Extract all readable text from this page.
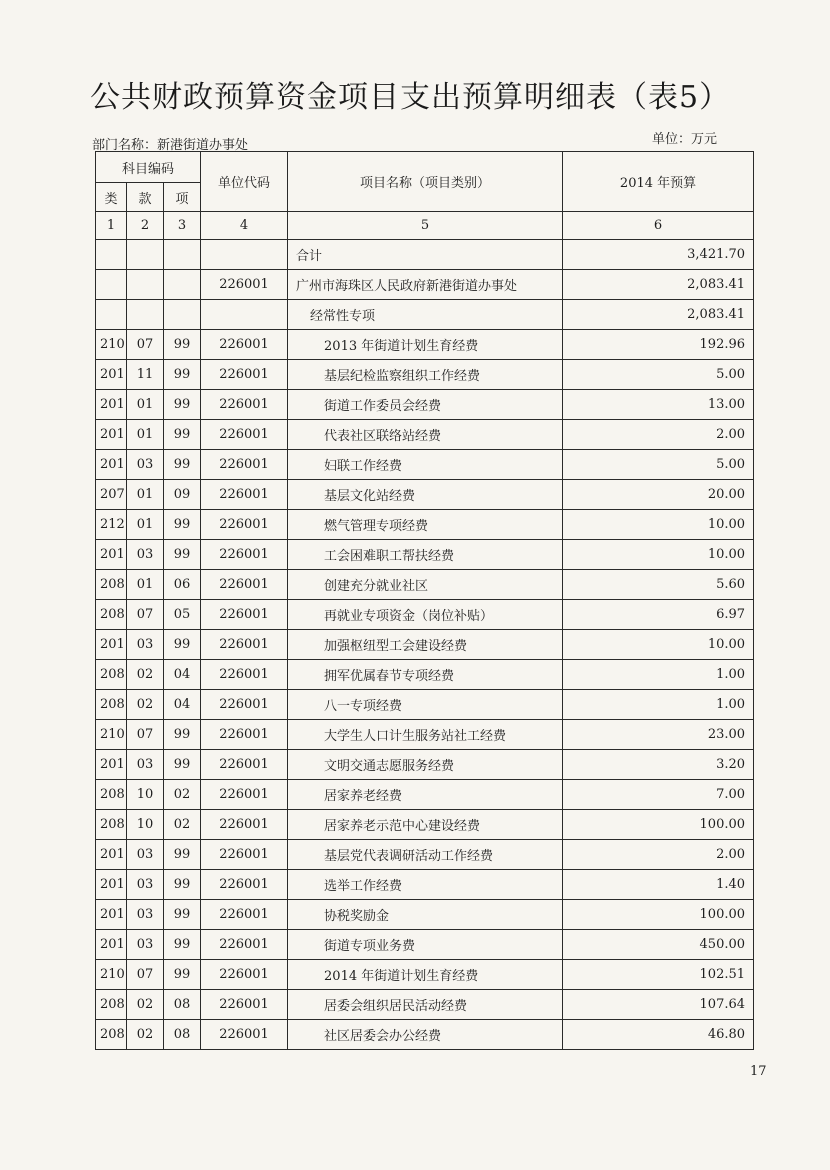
公共财政预算资金项目支出预算明细表（表5）
部门名称：新港街道办事处	单位：万元
科目编码			单位代码	项目名称（项目类别）	2014 年预算
类	款	项			
1	2	3	4	5	6
				合计	3,421.70
			226001	广州市海珠区人民政府新港街道办事处	2,083.41
				经常性专项	2,083.41
210	07	99	226001	2013 年街道计划生育经费	192.96
201	11	99	226001	基层纪检监察组织工作经费	5.00
201	01	99	226001	街道工作委员会经费	13.00
201	01	99	226001	代表社区联络站经费	2.00
201	03	99	226001	妇联工作经费	5.00
207	01	09	226001	基层文化站经费	20.00
212	01	99	226001	燃气管理专项经费	10.00
201	03	99	226001	工会困难职工帮扶经费	10.00
208	01	06	226001	创建充分就业社区	5.60
208	07	05	226001	再就业专项资金（岗位补贴）	6.97
201	03	99	226001	加强枢纽型工会建设经费	10.00
208	02	04	226001	拥军优属春节专项经费	1.00
208	02	04	226001	八一专项经费	1.00
210	07	99	226001	大学生人口计生服务站社工经费	23.00
201	03	99	226001	文明交通志愿服务经费	3.20
208	10	02	226001	居家养老经费	7.00
208	10	02	226001	居家养老示范中心建设经费	100.00
201	03	99	226001	基层党代表调研活动工作经费	2.00
201	03	99	226001	选举工作经费	1.40
201	03	99	226001	协税奖励金	100.00
201	03	99	226001	街道专项业务费	450.00
210	07	99	226001	2014 年街道计划生育经费	102.51
208	02	08	226001	居委会组织居民活动经费	107.64
208	02	08	226001	社区居委会办公经费	46.80
17
